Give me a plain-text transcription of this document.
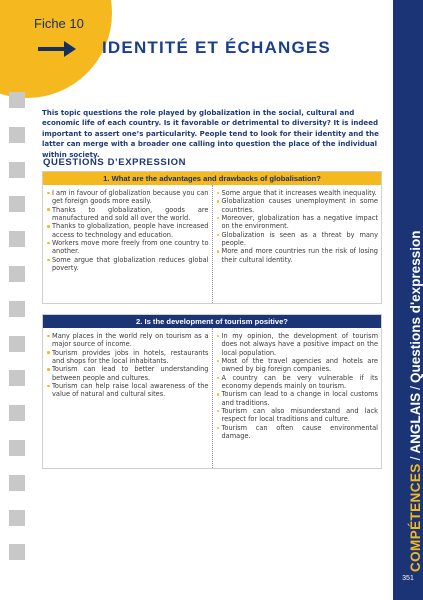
Fiche 10
IDENTITÉ ET ÉCHANGES
COMPÉTENCES/ANGLAIS/Questions d'expression
351
This topic questions the role played by globalization in the social, cultural and economic life of each country. Is it favorable or detrimental to diversity? It is indeed important to assert one’s particularity. People tend to look for their identity and the latter can merge with a broader one calling into question the place of the individual within society.
QUESTIONS D’EXPRESSION
1. What are the advantages and drawbacks of globalisation?
I am in favour of globalization because you can get foreign goods more easily.
Thanks to globalization, goods are manufactured and sold all over the world.
Thanks to globalization, people have increased access to technology and education.
Workers move more freely from one country to another.
Some argue that globalization reduces global poverty.
Some argue that it increases wealth inequality.
Globalization causes unemployment in some countries.
Moreover, globalization has a negative impact on the environment.
Globalization is seen as a threat by many people.
More and more countries run the risk of losing their cultural identity.
2. Is the development of tourism positive?
Many places in the world rely on tourism as a major source of income.
Tourism provides jobs in hotels, restaurants and shops for the local inhabitants.
Tourism can lead to better understanding between people and cultures.
Tourism can help raise local awareness of the value of natural and cultural sites.
In my opinion, the development of tourism does not always have a positive impact on the local population.
Most of the travel agencies and hotels are owned by big foreign companies.
A country can be very vulnerable if its economy depends mainly on tourism.
Tourism can lead to a change in local customs and traditions.
Tourism can also misunderstand and lack respect for local traditions and culture.
Tourism can often cause environmental damage.
